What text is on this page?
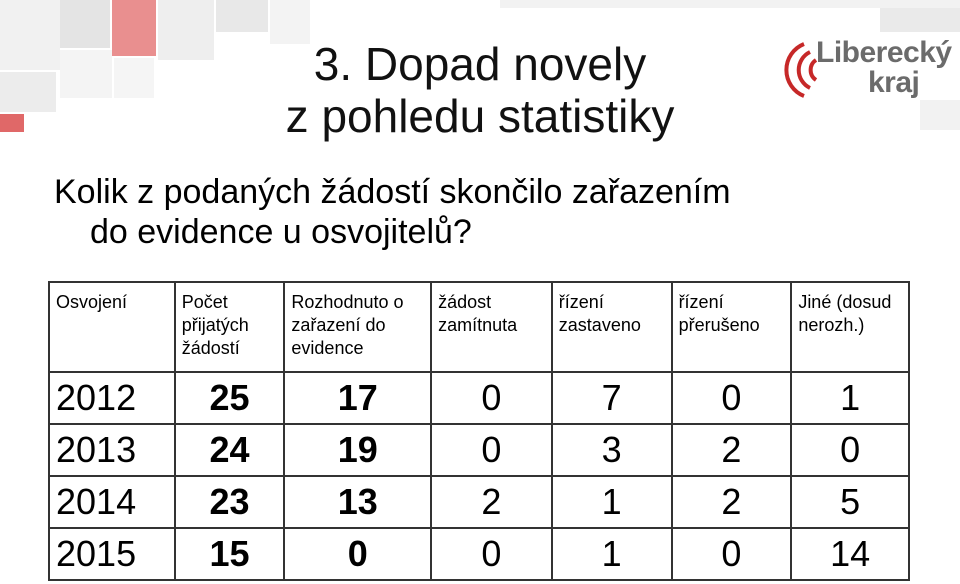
3. Dopad novely
z pohledu statistiky
Liberecký
kraj
Kolik z podaných žádostí skončilo zařazením
do evidence u osvojitelů?
Osvojení	Počet přijatých žádostí	Rozhodnuto o zařazení do evidence	žádost zamítnuta	řízení zastaveno	řízení přerušeno	Jiné (dosud nerozh.)
2012	25	17	0	7	0	1
2013	24	19	0	3	2	0
2014	23	13	2	1	2	5
2015	15	0	0	1	0	14
